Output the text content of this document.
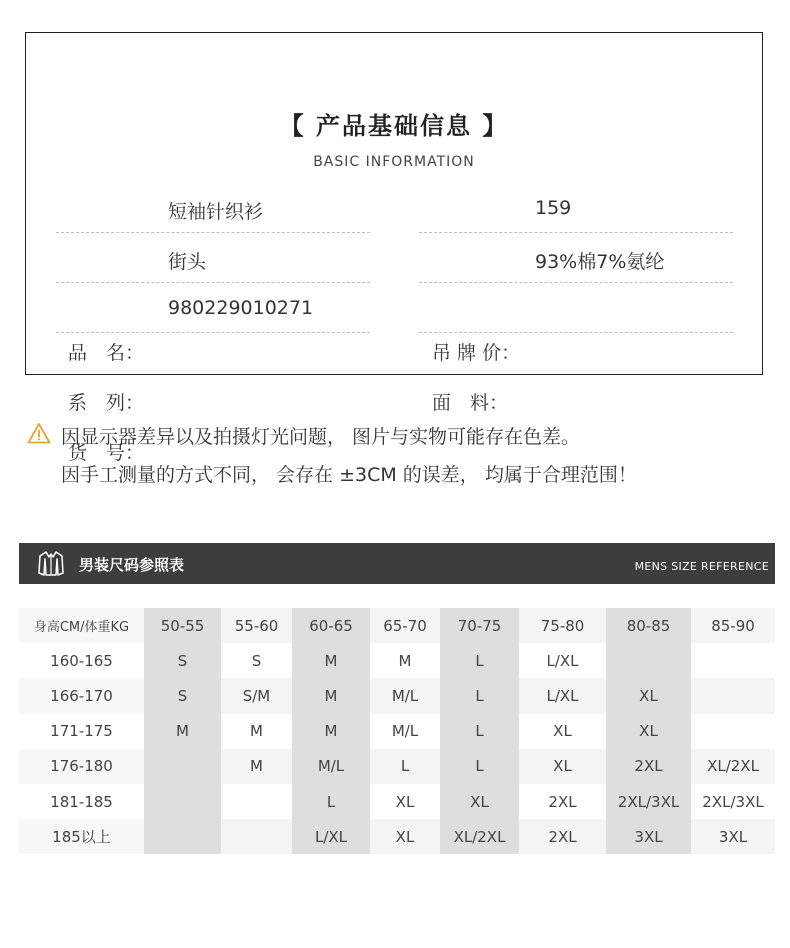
【 产品基础信息 】
BASIC INFORMATION
品　名：
短袖针织衫
系　列：
街头
货　号：
980229010271
吊 牌 价：
159
面　料：
93%棉7%氨纶
因显示器差异以及拍摄灯光问题， 图片与实物可能存在色差。
因手工测量的方式不同， 会存在 ±3CM 的误差， 均属于合理范围！
男装尺码参照表	MENS SIZE REFERENCE
身高CM/体重KG	50-55	55-60	60-65	65-70	70-75	75-80	80-85	85-90
160-165	S	S	M	M	L	L/XL		
166-170	S	S/M	M	M/L	L	L/XL	XL	
171-175	M	M	M	M/L	L	XL	XL	
176-180		M	M/L	L	L	XL	2XL	XL/2XL
181-185			L	XL	XL	2XL	2XL/3XL	2XL/3XL
185以上			L/XL	XL	XL/2XL	2XL	3XL	3XL
